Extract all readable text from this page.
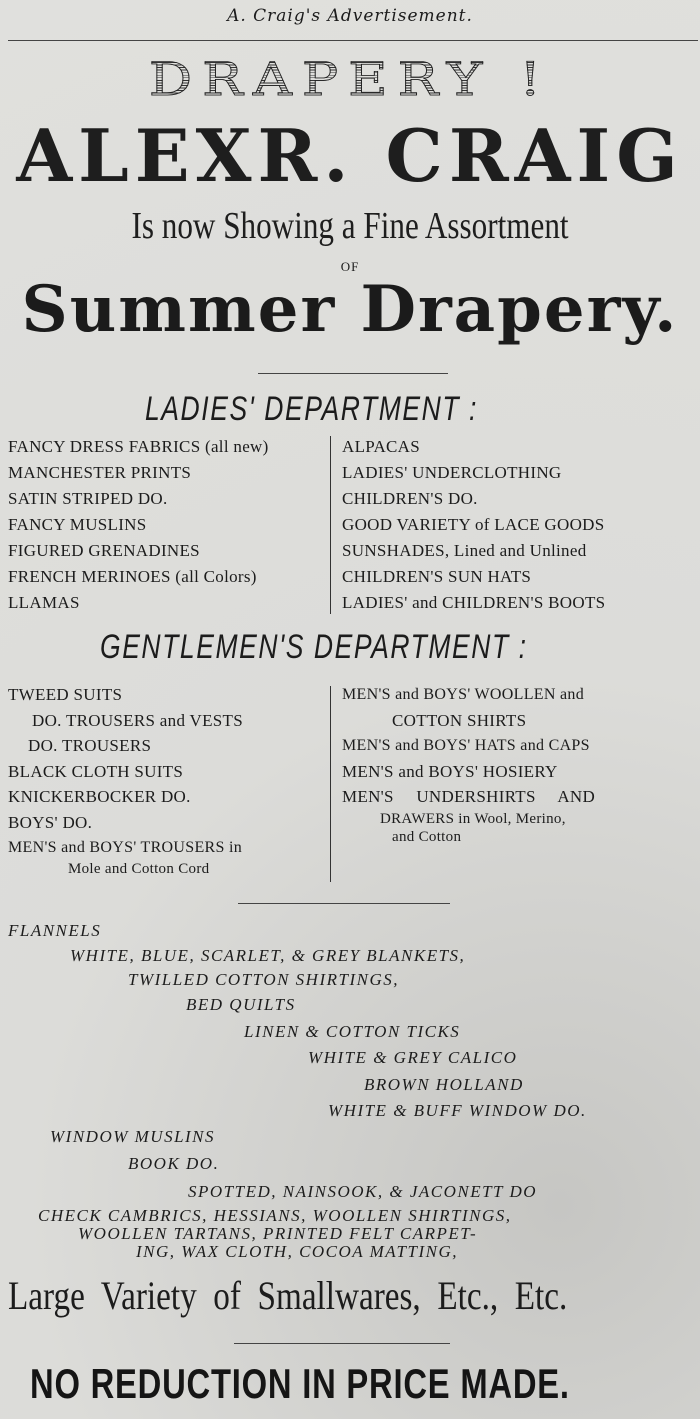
A. Craig's Advertisement.
DRAPERY !
ALEXR. CRAIG
Is now Showing a Fine Assortment
OF
Summer Drapery.
LADIES' DEPARTMENT :
FANCY DRESS FABRICS (all new)
MANCHESTER PRINTS
SATIN STRIPED DO.
FANCY MUSLINS
FIGURED GRENADINES
FRENCH MERINOES (all Colors)
LLAMAS
ALPACAS
LADIES' UNDERCLOTHING
CHILDREN'S DO.
GOOD VARIETY of LACE GOODS
SUNSHADES, Lined and Unlined
CHILDREN'S SUN HATS
LADIES' and CHILDREN'S BOOTS
GENTLEMEN'S DEPARTMENT :
TWEED SUITS
DO. TROUSERS and VESTS
DO. TROUSERS
BLACK CLOTH SUITS
KNICKERBOCKER DO.
BOYS' DO.
MEN'S and BOYS' TROUSERS in
Mole and Cotton Cord
MEN'S and BOYS' WOOLLEN and
COTTON SHIRTS
MEN'S and BOYS' HATS and CAPS
MEN'S and BOYS' HOSIERY
MEN'S UNDERSHIRTS AND
DRAWERS in Wool, Merino,
and Cotton
FLANNELS
WHITE, BLUE, SCARLET, & GREY BLANKETS,
TWILLED COTTON SHIRTINGS,
BED QUILTS
LINEN & COTTON TICKS
WHITE & GREY CALICO
BROWN HOLLAND
WHITE & BUFF WINDOW DO.
WINDOW MUSLINS
BOOK DO.
SPOTTED, NAINSOOK, & JACONETT DO
CHECK CAMBRICS, HESSIANS, WOOLLEN SHIRTINGS,
WOOLLEN TARTANS, PRINTED FELT CARPET-
ING, WAX CLOTH, COCOA MATTING,
Large Variety of Smallwares, Etc., Etc.
NO REDUCTION IN PRICE MADE.
